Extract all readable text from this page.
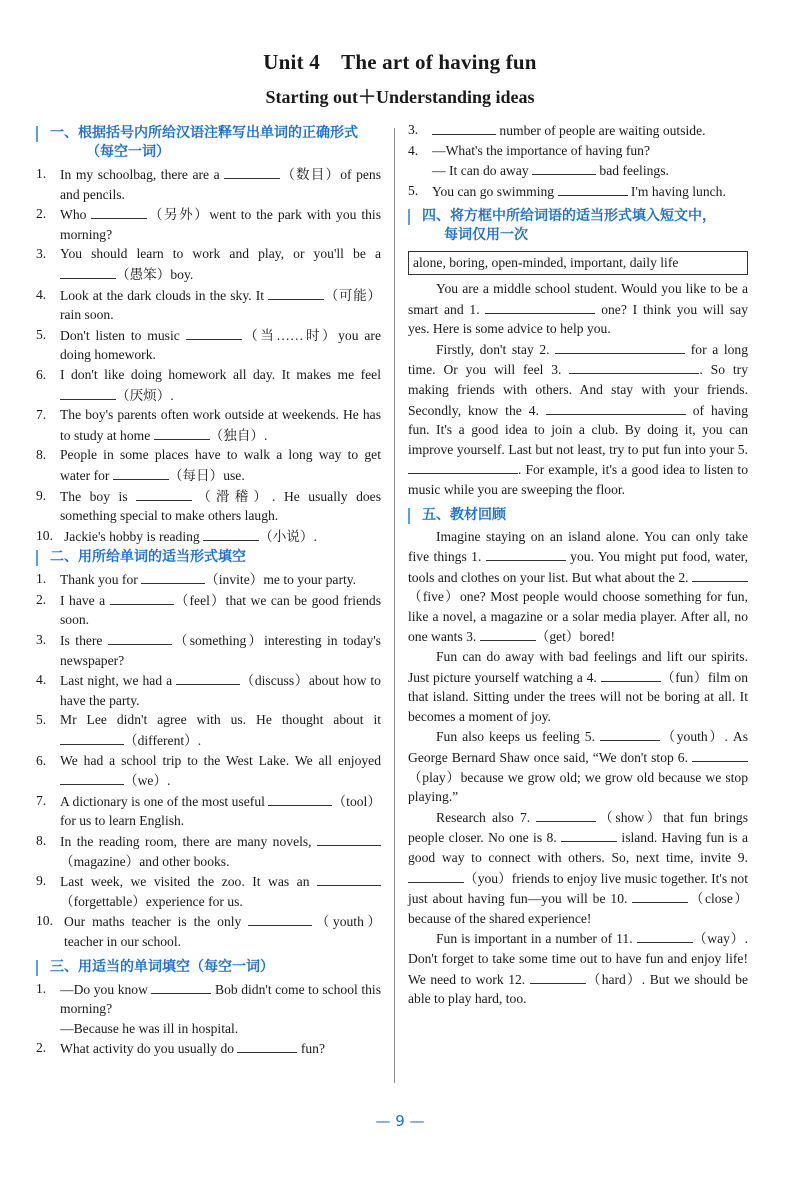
Unit 4　The art of having fun
Starting out＋Understanding ideas
一、根据括号内所给汉语注释写出单词的正确形式
（每空一词）
1.	In my schoolbag, there are a	（数目）of pens and pencils.
2.	Who	（另外）went to the park with you this morning?
3.	You should learn to work and play, or you'll be a （愚笨）boy.
4.	Look at the dark clouds in the sky. It	（可能）rain soon.
5.	Don't listen to music	（当……时）you are doing homework.
6.	I don't like doing homework all day. It makes me feel （厌烦）.
7.	The boy's parents often work outside at weekends. He has to study at home	（独自）.
8.	People in some places have to walk a long way to get water for	（每日）use.
9.	The boy is	（滑稽）. He usually does something special to make others laugh.
10. Jackie's hobby is reading	（小说）.
二、用所给单词的适当形式填空
1.	Thank you for	（invite）me to your party.
2.	I have a	（feel）that we can be good friends soon.
3.	Is there	（something）interesting in today's newspaper?
4.	Last night, we had a	（discuss）about how to have the party.
5.	Mr Lee didn't agree with us. He thought about it （different）.
6.	We had a school trip to the West Lake. We all enjoyed （we）.
7.	A dictionary is one of the most useful	（tool）for us to learn English.
8.	In the reading room, there are many novels, （magazine）and other books.
9.	Last week, we visited the zoo. It was an （forgettable）experience for us.
10. Our maths teacher is the only	（youth）teacher in our school.
三、用适当的单词填空（每空一词）
1.	—Do you know	Bob didn't come to school this morning?
—Because he was ill in hospital.
2.	What activity do you usually do	fun?
3.	number of people are waiting outside.
4.	—What's the importance of having fun?
— It can do away	bad feelings.
5.	You can go swimming	I'm having lunch.
四、将方框中所给词语的适当形式填入短文中，
每词仅用一次
alone, boring, open-minded, important, daily life
You are a middle school student. Would you like to be a smart and 1.	one? I think you will say yes. Here is some advice to help you.
Firstly, don't stay 2.	for a long time. Or you will feel 3.	. So try making friends with others. And stay with your friends. Secondly, know the 4.	of having fun. It's a good idea to join a club. By doing it, you can improve yourself. Last but not least, try to put fun into your 5. . For example, it's a good idea to listen to music while you are sweeping the floor.
五、教材回顾
Imagine staying on an island alone. You can only take five things 1.	you. You might put food, water, tools and clothes on your list. But what about the 2. （five）one? Most people would choose something for fun, like a novel, a magazine or a solar media player. After all, no one wants 3.	（get）bored!
Fun can do away with bad feelings and lift our spirits. Just picture yourself watching a 4.	（fun）film on that island. Sitting under the trees will not be boring at all. It becomes a moment of joy.
Fun also keeps us feeling 5.	（youth）. As George Bernard Shaw once said, “We don't stop 6. （play）because we grow old; we grow old because we stop playing.”
Research also 7.	（show）that fun brings people closer. No one is 8.	island. Having fun is a good way to connect with others. So, next time, invite 9. （you）friends to enjoy live music together. It's not just about having fun—you will be 10.	（close）because of the shared experience!
Fun is important in a number of 11.	（way）. Don't forget to take some time out to have fun and enjoy life! We need to work 12.	（hard）. But we should be able to play hard, too.
— 9 —
